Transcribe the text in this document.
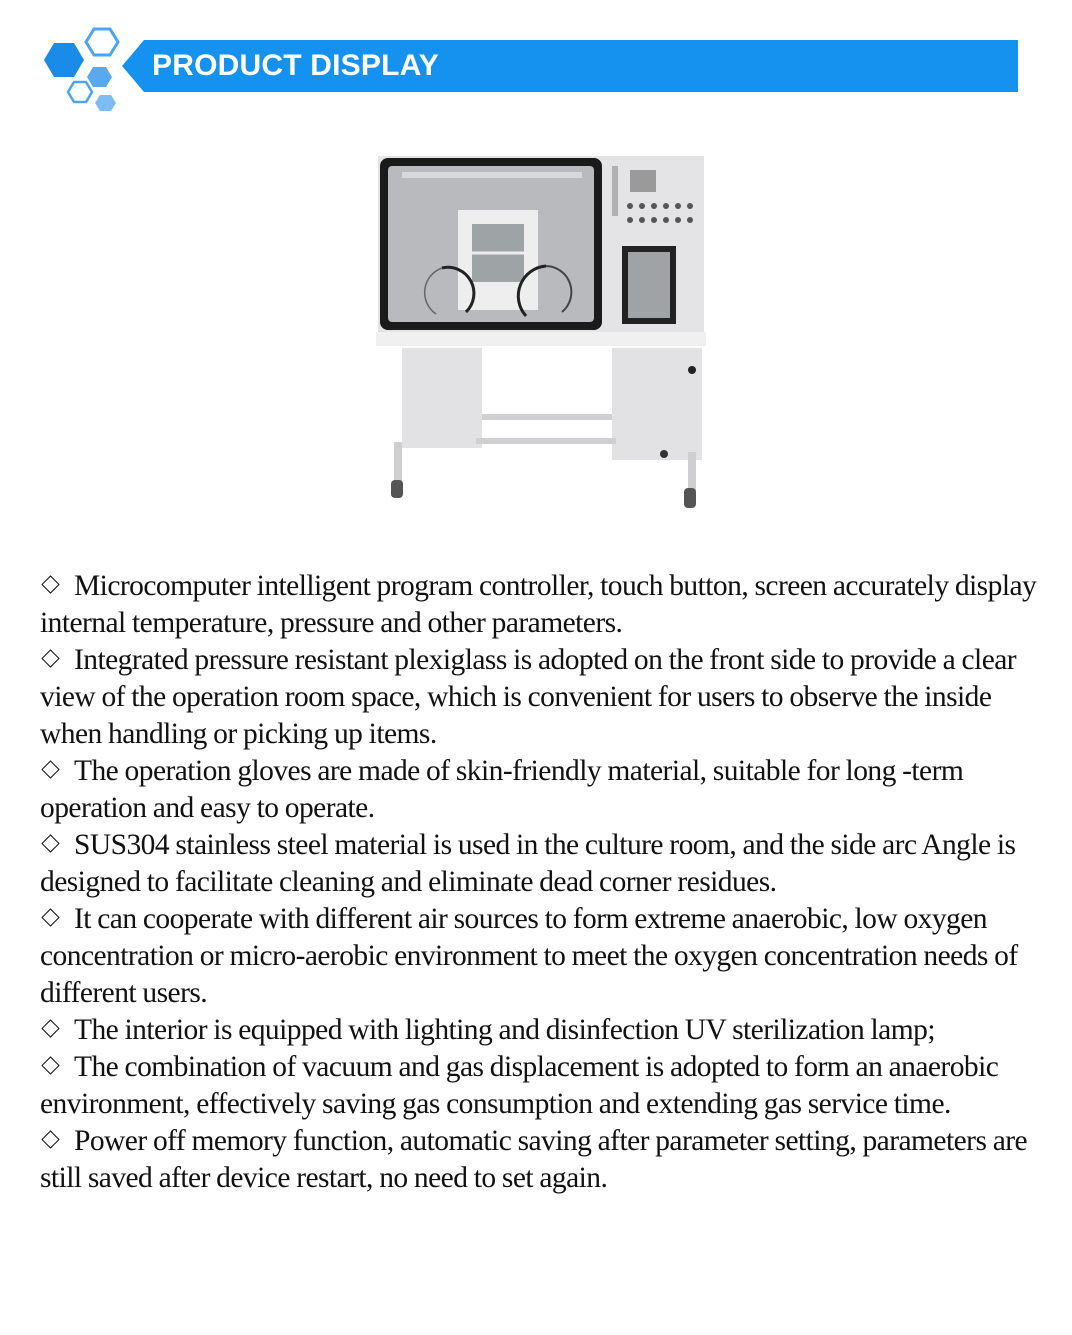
PRODUCT DISPLAY

Microcomputer intelligent program controller, touch button, screen accurately display internal temperature, pressure and other parameters.

Integrated pressure resistant plexiglass is adopted on the front side to provide a clear view of the operation room space, which is convenient for users to observe the inside when handling or picking up items.

The operation gloves are made of skin-friendly material, suitable for long -term operation and easy to operate.

SUS304 stainless steel material is used in the culture room, and the side arc Angle is designed to facilitate cleaning and eliminate dead corner residues.

It can cooperate with different air sources to form extreme anaerobic, low oxygen concentration or micro-aerobic environment to meet the oxygen concentration needs of different users.

The interior is equipped with lighting and disinfection UV sterilization lamp;

The combination of vacuum and gas displacement is adopted to form an anaerobic environment, effectively saving gas consumption and extending gas service time.

Power off memory function, automatic saving after parameter setting, parameters are still saved after device restart, no need to set again.
